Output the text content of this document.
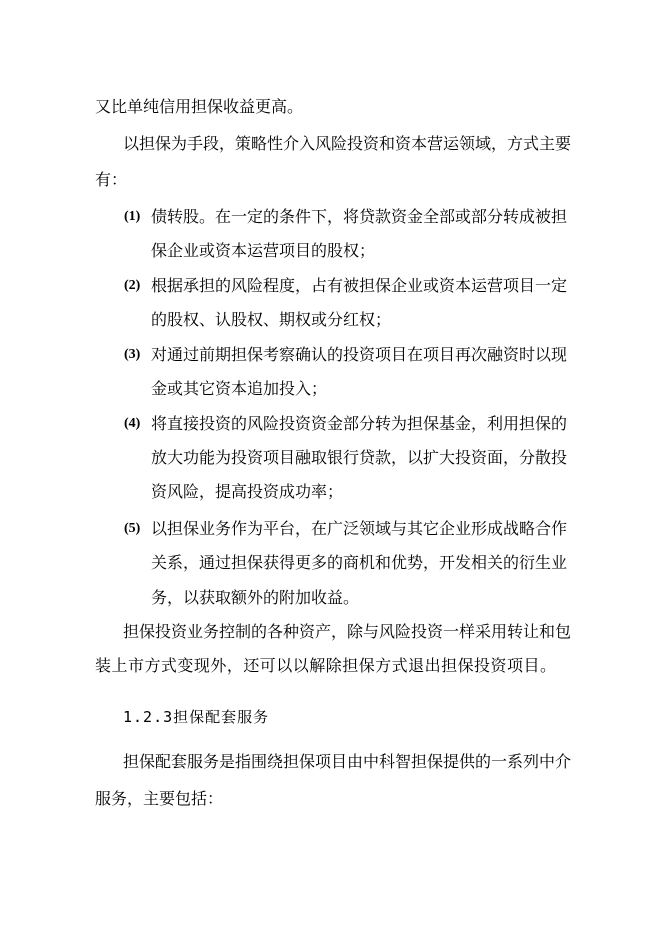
又比单纯信用担保收益更高。
以担保为手段，策略性介入风险投资和资本营运领域，方式主要
有：
(1) 债转股。在一定的条件下，将贷款资金全部或部分转成被担
保企业或资本运营项目的股权；
(2) 根据承担的风险程度，占有被担保企业或资本运营项目一定
的股权、认股权、期权或分红权；
(3) 对通过前期担保考察确认的投资项目在项目再次融资时以现
金或其它资本追加投入；
(4) 将直接投资的风险投资资金部分转为担保基金，利用担保的
放大功能为投资项目融取银行贷款，以扩大投资面，分散投
资风险，提高投资成功率；
(5) 以担保业务作为平台，在广泛领域与其它企业形成战略合作
关系，通过担保获得更多的商机和优势，开发相关的衍生业
务，以获取额外的附加收益。
担保投资业务控制的各种资产，除与风险投资一样采用转让和包
装上市方式变现外，还可以以解除担保方式退出担保投资项目。
1.2.3担保配套服务
担保配套服务是指围绕担保项目由中科智担保提供的一系列中介
服务，主要包括：
